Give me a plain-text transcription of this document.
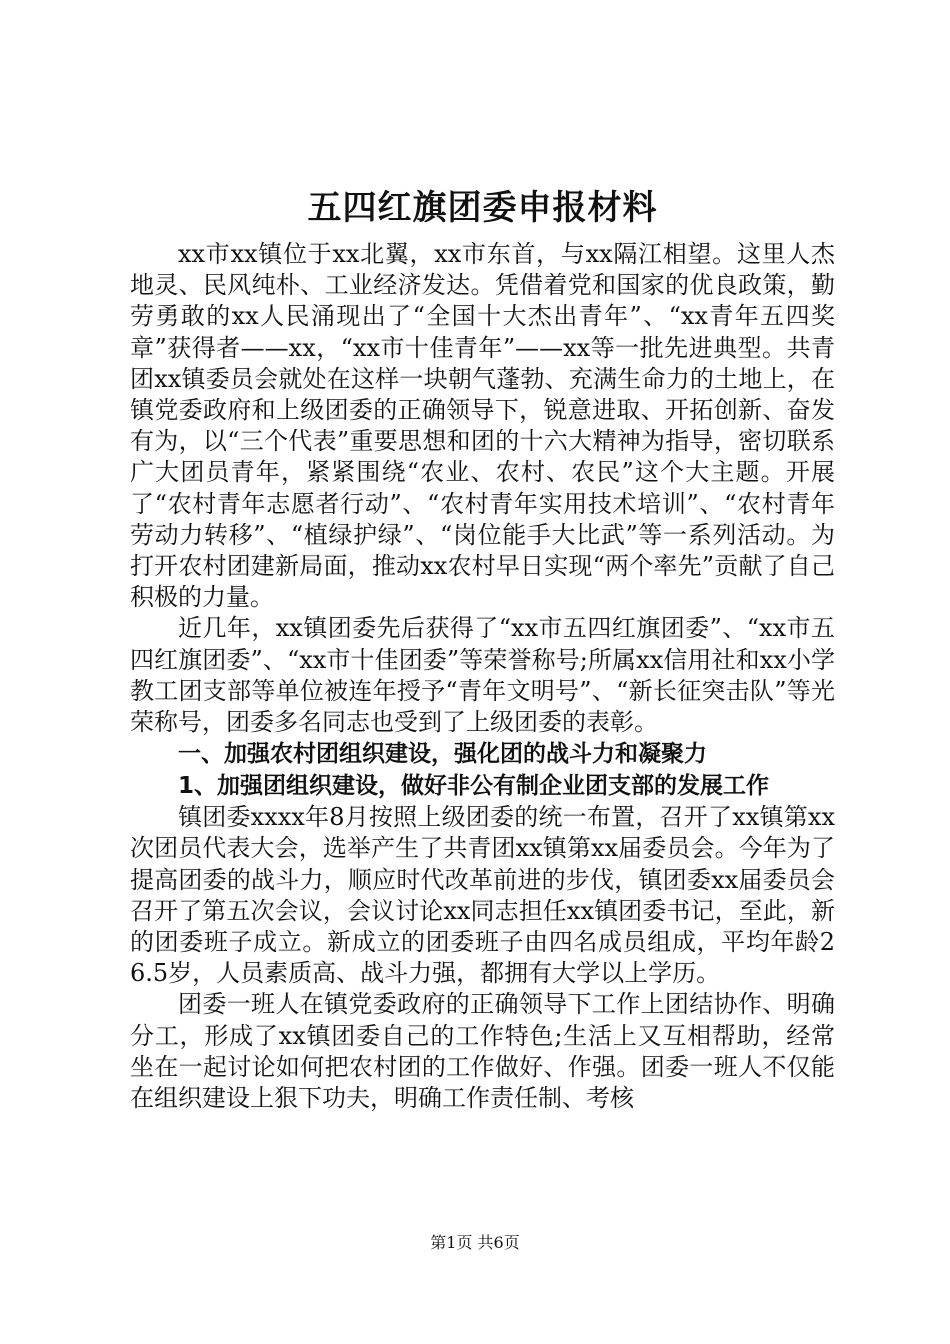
五四红旗团委申报材料

xx市xx镇位于xx北翼，xx市东首，与xx隔江相望。这里人杰地灵、民风纯朴、工业经济发达。凭借着党和国家的优良政策，勤劳勇敢的xx人民涌现出了“全国十大杰出青年”、“xx青年五四奖章”获得者——xx，“xx市十佳青年”——xx等一批先进典型。共青团xx镇委员会就处在这样一块朝气蓬勃、充满生命力的土地上，在镇党委政府和上级团委的正确领导下，锐意进取、开拓创新、奋发有为，以“三个代表”重要思想和团的十六大精神为指导，密切联系广大团员青年，紧紧围绕“农业、农村、农民”这个大主题。开展了“农村青年志愿者行动”、“农村青年实用技术培训”、“农村青年劳动力转移”、“植绿护绿”、“岗位能手大比武”等一系列活动。为打开农村团建新局面，推动xx农村早日实现“两个率先”贡献了自己积极的力量。

近几年，xx镇团委先后获得了“xx市五四红旗团委”、“xx市五四红旗团委”、“xx市十佳团委”等荣誉称号;所属xx信用社和xx小学教工团支部等单位被连年授予“青年文明号”、“新长征突击队”等光荣称号，团委多名同志也受到了上级团委的表彰。

一、加强农村团组织建设，强化团的战斗力和凝聚力

1、加强团组织建设，做好非公有制企业团支部的发展工作

镇团委xxxx年8月按照上级团委的统一布置，召开了xx镇第xx次团员代表大会，选举产生了共青团xx镇第xx届委员会。今年为了提高团委的战斗力，顺应时代改革前进的步伐，镇团委xx届委员会召开了第五次会议，会议讨论xx同志担任xx镇团委书记，至此，新的团委班子成立。新成立的团委班子由四名成员组成，平均年龄26.5岁，人员素质高、战斗力强，都拥有大学以上学历。

团委一班人在镇党委政府的正确领导下工作上团结协作、明确分工，形成了xx镇团委自己的工作特色;生活上又互相帮助，经常坐在一起讨论如何把农村团的工作做好、作强。团委一班人不仅能在组织建设上狠下功夫，明确工作责任制、考核

第1页 共6页
